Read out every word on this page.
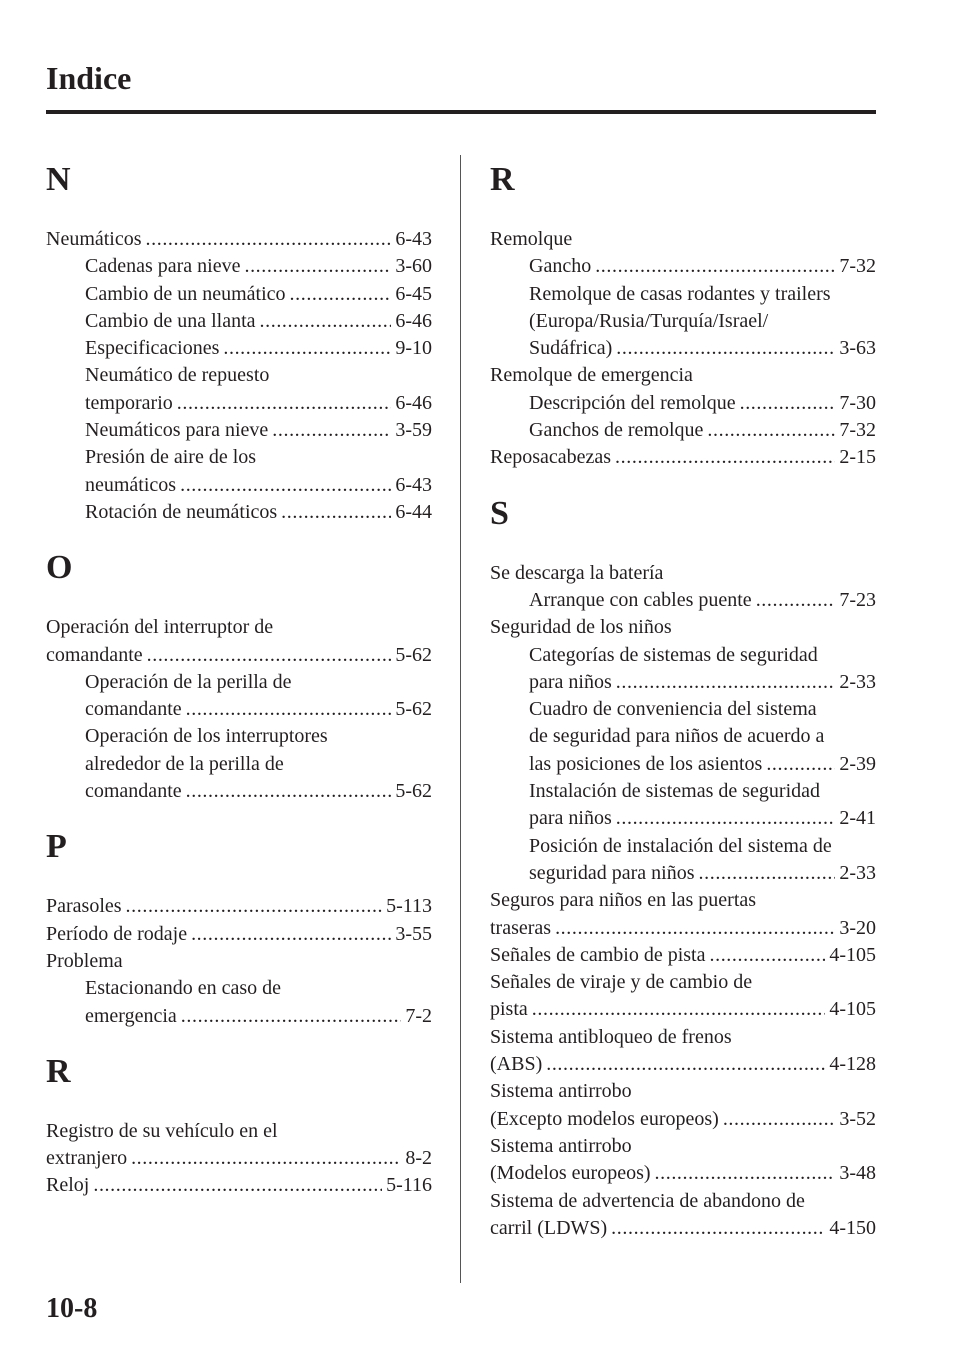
Indice
N
Neumáticos . . .	6-43
Cadenas para nieve . . .	3-60
Cambio de un neumático . . .	6-45
Cambio de una llanta . . .	6-46
Especificaciones . . .	9-10
Neumático de repuesto
temporario . . .	6-46
Neumáticos para nieve . . .	3-59
Presión de aire de los
neumáticos . . .	6-43
Rotación de neumáticos . . .	6-44
O
Operación del interruptor de
comandante . . .	5-62
Operación de la perilla de
comandante . . .	5-62
Operación de los interruptores
alrededor de la perilla de
comandante . . .	5-62
P
Parasoles . . .	5-113
Período de rodaje . . .	3-55
Problema
Estacionando en caso de
emergencia . . .	7-2
R
Registro de su vehículo en el
extranjero . . .	8-2
Reloj . . .	5-116
R
Remolque
Gancho . . .	7-32
Remolque de casas rodantes y trailers
(Europa/Rusia/Turquía/Israel/
Sudáfrica) . . .	3-63
Remolque de emergencia
Descripción del remolque . . .	7-30
Ganchos de remolque . . .	7-32
Reposacabezas . . .	2-15
S
Se descarga la batería
Arranque con cables puente . . .	7-23
Seguridad de los niños
Categorías de sistemas de seguridad
para niños . . .	2-33
Cuadro de conveniencia del sistema
de seguridad para niños de acuerdo a
las posiciones de los asientos . . .	2-39
Instalación de sistemas de seguridad
para niños . . .	2-41
Posición de instalación del sistema de
seguridad para niños . . .	2-33
Seguros para niños en las puertas
traseras . . .	3-20
Señales de cambio de pista . . .	4-105
Señales de viraje y de cambio de
pista . . .	4-105
Sistema antibloqueo de frenos
(ABS) . . .	4-128
Sistema antirrobo
(Excepto modelos europeos) . . .	3-52
Sistema antirrobo
(Modelos europeos) . . .	3-48
Sistema de advertencia de abandono de
carril (LDWS) . . .	4-150
10-8
